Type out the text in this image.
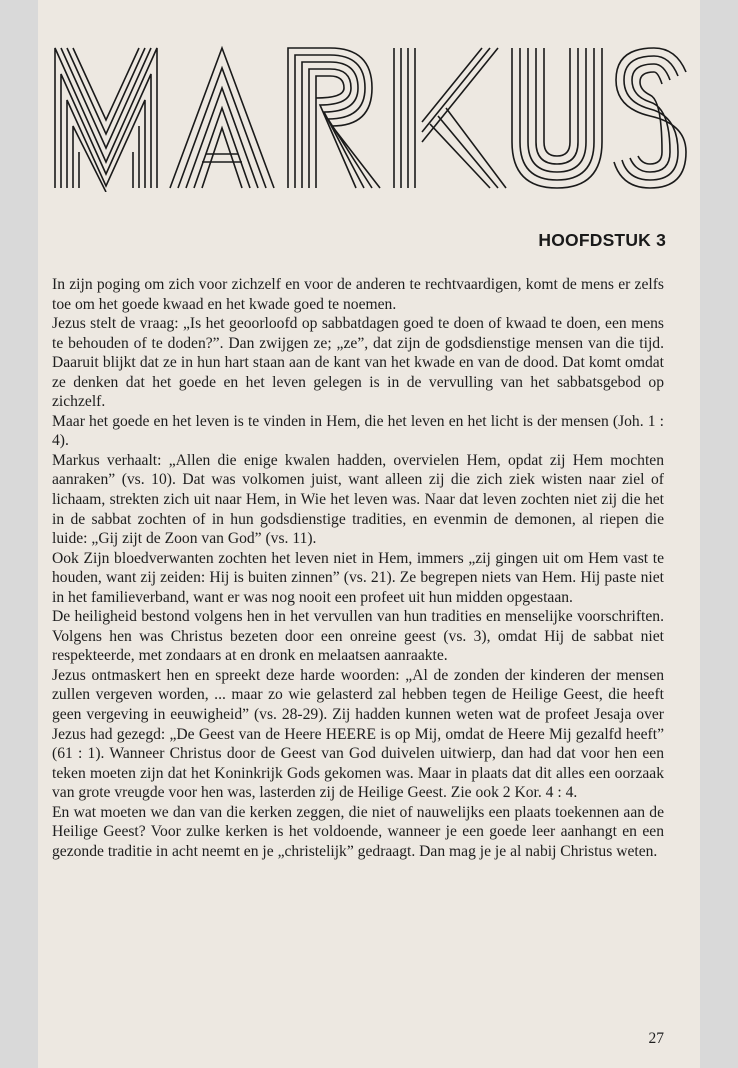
HOOFDSTUK 3

In zijn poging om zich voor zichzelf en voor de anderen te rechtvaardigen, komt de mens er zelfs toe om het goede kwaad en het kwade goed te noemen.

Jezus stelt de vraag: „Is het geoorloofd op sabbatdagen goed te doen of kwaad te doen, een mens te behouden of te doden?”. Dan zwijgen ze; „ze”, dat zijn de godsdienstige mensen van die tijd. Daaruit blijkt dat ze in hun hart staan aan de kant van het kwade en van de dood. Dat komt omdat ze denken dat het goede en het leven gelegen is in de vervulling van het sabbatsgebod op zichzelf.

Maar het goede en het leven is te vinden in Hem, die het leven en het licht is der mensen (Joh. 1 : 4).

Markus verhaalt: „Allen die enige kwalen hadden, overvielen Hem, opdat zij Hem mochten aanraken” (vs. 10). Dat was volkomen juist, want alleen zij die zich ziek wisten naar ziel of lichaam, strekten zich uit naar Hem, in Wie het leven was. Naar dat leven zochten niet zij die het in de sabbat zochten of in hun godsdienstige tradities, en evenmin de demonen, al riepen die luide: „Gij zijt de Zoon van God” (vs. 11).

Ook Zijn bloedverwanten zochten het leven niet in Hem, immers „zij gingen uit om Hem vast te houden, want zij zeiden: Hij is buiten zinnen” (vs. 21). Ze begrepen niets van Hem. Hij paste niet in het familieverband, want er was nog nooit een profeet uit hun midden opgestaan.

De heiligheid bestond volgens hen in het vervullen van hun tradities en menselijke voorschriften. Volgens hen was Christus bezeten door een onreine geest (vs. 3), omdat Hij de sabbat niet respekteerde, met zondaars at en dronk en melaatsen aanraakte.

Jezus ontmaskert hen en spreekt deze harde woorden: „Al de zonden der kinderen der mensen zullen vergeven worden, ... maar zo wie gelasterd zal hebben tegen de Heilige Geest, die heeft geen vergeving in eeuwigheid” (vs. 28-29). Zij hadden kunnen weten wat de profeet Jesaja over Jezus had gezegd: „De Geest van de Heere HEERE is op Mij, omdat de Heere Mij gezalfd heeft” (61 : 1). Wanneer Christus door de Geest van God duivelen uitwierp, dan had dat voor hen een teken moeten zijn dat het Koninkrijk Gods gekomen was. Maar in plaats dat dit alles een oorzaak van grote vreugde voor hen was, lasterden zij de Heilige Geest. Zie ook 2 Kor. 4 : 4.

En wat moeten we dan van die kerken zeggen, die niet of nauwelijks een plaats toekennen aan de Heilige Geest? Voor zulke kerken is het voldoende, wanneer je een goede leer aanhangt en een gezonde traditie in acht neemt en je „christelijk” gedraagt. Dan mag je je al nabij Christus weten.

27
